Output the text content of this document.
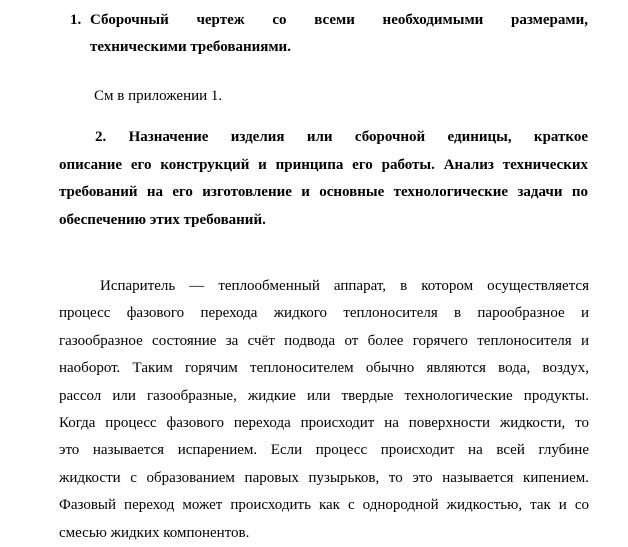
1. Сборочный чертеж со всеми необходимыми размерами,
техническими требованиями.
См в приложении 1.
2. Назначение изделия или сборочной единицы, краткое
описание его конструкций и принципа его работы. Анализ технических
требований на его изготовление и основные технологические задачи по
обеспечению этих требований.
Испаритель — теплообменный аппарат, в котором осуществляется
процесс фазового перехода жидкого теплоносителя в парообразное и
газообразное состояние за счёт подвода от более горячего теплоносителя и
наоборот. Таким горячим теплоносителем обычно являются вода, воздух,
рассол или газообразные, жидкие или твердые технологические продукты.
Когда процесс фазового перехода происходит на поверхности жидкости, то
это называется испарением. Если процесс происходит на всей глубине
жидкости с образованием паровых пузырьков, то это называется кипением.
Фазовый переход может происходить как с однородной жидкостью, так и со
смесью жидких компонентов.
